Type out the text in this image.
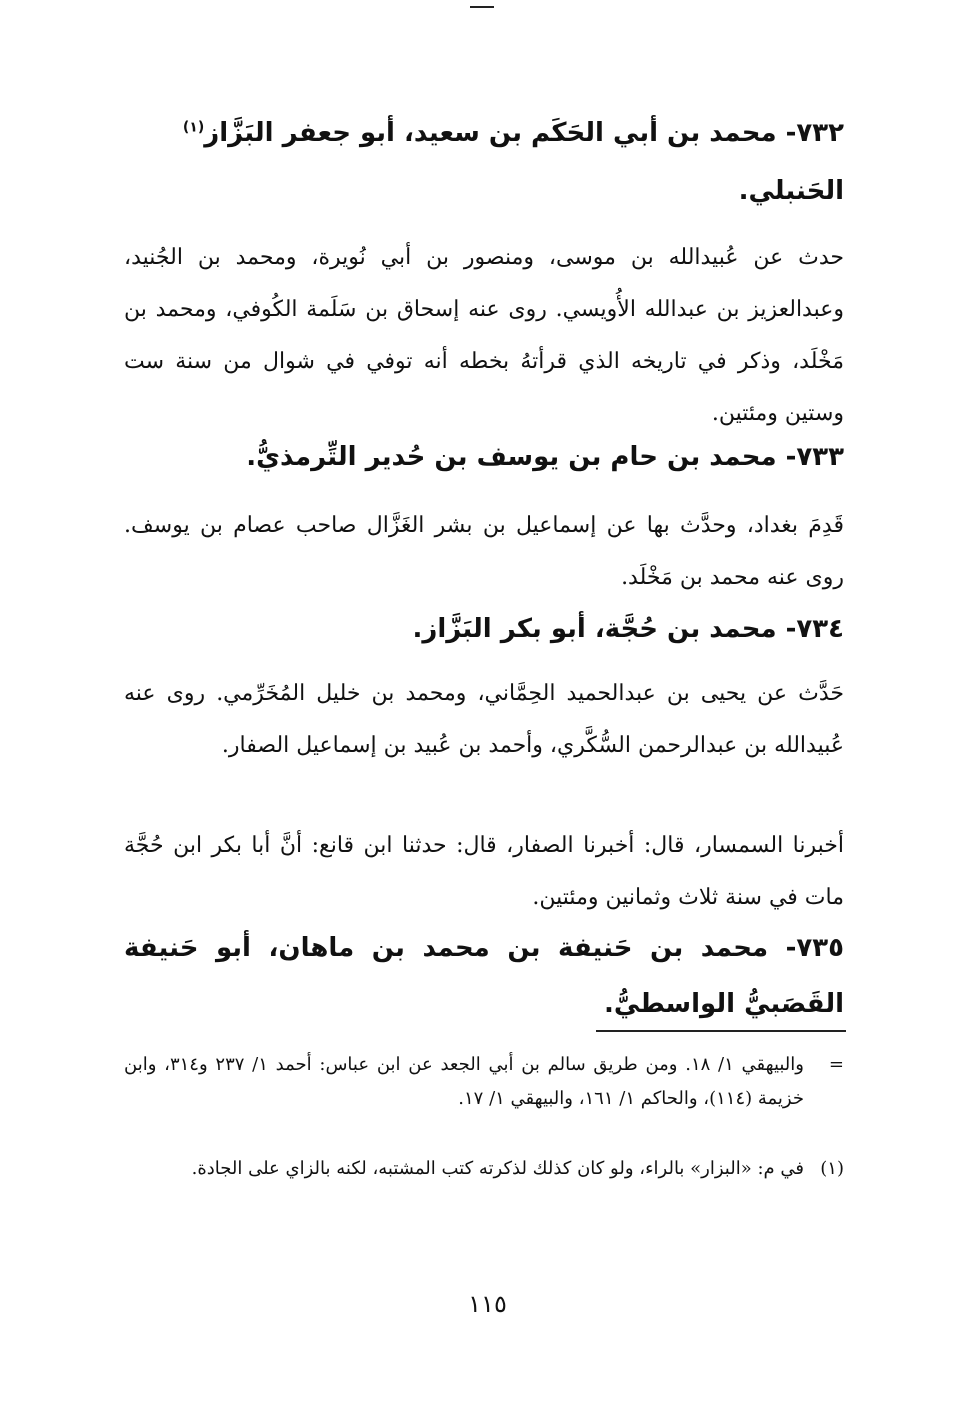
٧٣٢- محمد بن أبي الحَكَم بن سعيد، أبو جعفر البَزَّاز$^{(١)}$
الحَنبلي.
حدث عن عُبيدالله بن موسى، ومنصور بن أبي نُويرة، ومحمد بن الجُنيد، وعبدالعزيز بن عبدالله الأُويسي. روى عنه إسحاق بن سَلَمة الكُوفي، ومحمد بن مَخْلَد، وذكر في تاريخه الذي قرأتهُ بخطه أنه توفي في شوال من سنة ست وستين ومئتين.
٧٣٣- محمد بن حام بن يوسف بن حُدير التِّرمذيُّ.
قَدِمَ بغداد، وحدَّث بها عن إسماعيل بن بشر الغَزَّال صاحب عصام بن يوسف. روى عنه محمد بن مَخْلَد.
٧٣٤- محمد بن حُجَّة، أبو بكر البَزَّاز.
حَدَّث عن يحيى بن عبدالحميد الحِمَّاني، ومحمد بن خليل المُخَرِّمي. روى عنه عُبيدالله بن عبدالرحمن السُّكَّري، وأحمد بن عُبيد بن إسماعيل الصفار.
أخبرنا السمسار، قال: أخبرنا الصفار، قال: حدثنا ابن قانع: أنَّ أبا بكر ابن حُجَّة مات في سنة ثلاث وثمانين ومئتين.
٧٣٥- محمد بن حَنيفة بن محمد بن ماهان، أبو حَنيفة القَصَبيُّ الواسطيُّ.
=
والبيهقي ١/ ١٨. ومن طريق سالم بن أبي الجعد عن ابن عباس: أحمد ١/ ٢٣٧ و٣١٤، وابن خزيمة (١١٤)، والحاكم ١/ ١٦١، والبيهقي ١/ ١٧.
(١)
في م: «البزار» بالراء، ولو كان كذلك لذكرته كتب المشتبه، لكنه بالزاي على الجادة.
١١٥
